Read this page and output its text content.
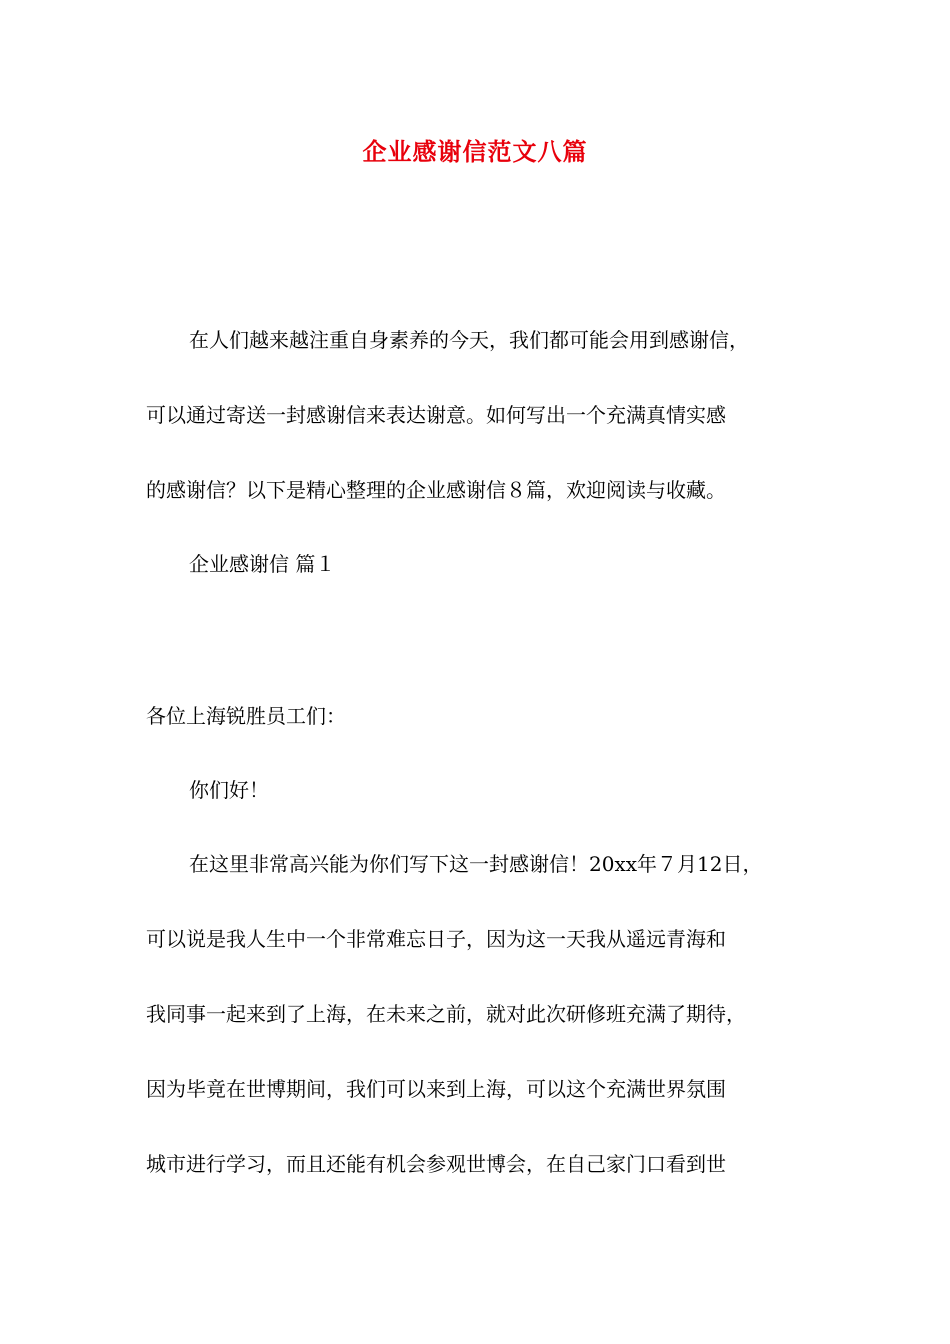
企业感谢信范文八篇
在人们越来越注重自身素养的今天，我们都可能会用到感谢信，
可以通过寄送一封感谢信来表达谢意。如何写出一个充满真情实感
的感谢信？以下是精心整理的企业感谢信８篇，欢迎阅读与收藏。
企业感谢信 篇１
各位上海锐胜员工们：
你们好！
在这里非常高兴能为你们写下这一封感谢信！20xx年７月12日，
可以说是我人生中一个非常难忘日子，因为这一天我从遥远青海和
我同事一起来到了上海，在未来之前，就对此次研修班充满了期待，
因为毕竟在世博期间，我们可以来到上海，可以这个充满世界氛围
城市进行学习，而且还能有机会参观世博会，在自己家门口看到世
